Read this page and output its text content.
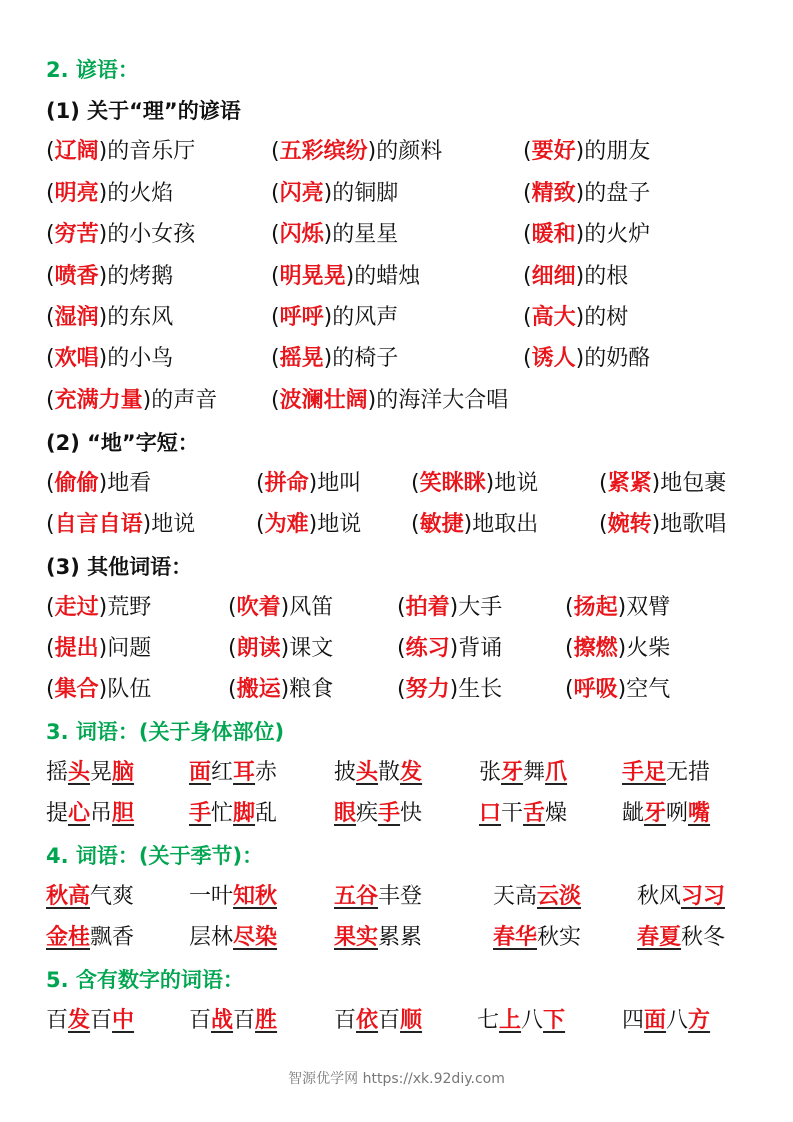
2. 谚语：
(1) 关于“理”的谚语
(辽阔)的音乐厅	(五彩缤纷)的颜料	(要好)的朋友
(明亮)的火焰	(闪亮)的铜脚	(精致)的盘子
(穷苦)的小女孩	(闪烁)的星星	(暖和)的火炉
(喷香)的烤鹅	(明晃晃)的蜡烛	(细细)的根
(湿润)的东风	(呼呼)的风声	(高大)的树
(欢唱)的小鸟	(摇晃)的椅子	(诱人)的奶酪
(充满力量)的声音 (波澜壮阔)的海洋大合唱
(2) “地”字短：
(偷偷)地看	(拼命)地叫 (笑眯眯)地说	(紧紧)地包裹
(自言自语)地说	(为难)地说 (敏捷)地取出	(婉转)地歌唱
(3) 其他词语：
(走过)荒野	(吹着)风笛	(拍着)大手	(扬起)双臂
(提出)问题	(朗读)课文	(练习)背诵	(擦燃)火柴
(集合)队伍	(搬运)粮食	(努力)生长	(呼吸)空气
3. 词语：(关于身体部位)
摇头晃脑 面红耳赤	披头散发	张牙舞爪 手足无措
提心吊胆 手忙脚乱	眼疾手快	口干舌燥 龇牙咧嘴
4. 词语：(关于季节)：
秋高气爽 一叶知秋	五谷丰登	天高云淡	秋风习习
金桂飘香 层林尽染	果实累累	春华秋实	春夏秋冬
5. 含有数字的词语：
百发百中 百战百胜	百依百顺 七上八下	四面八方
智源优学网 https://xk.92diy.com
